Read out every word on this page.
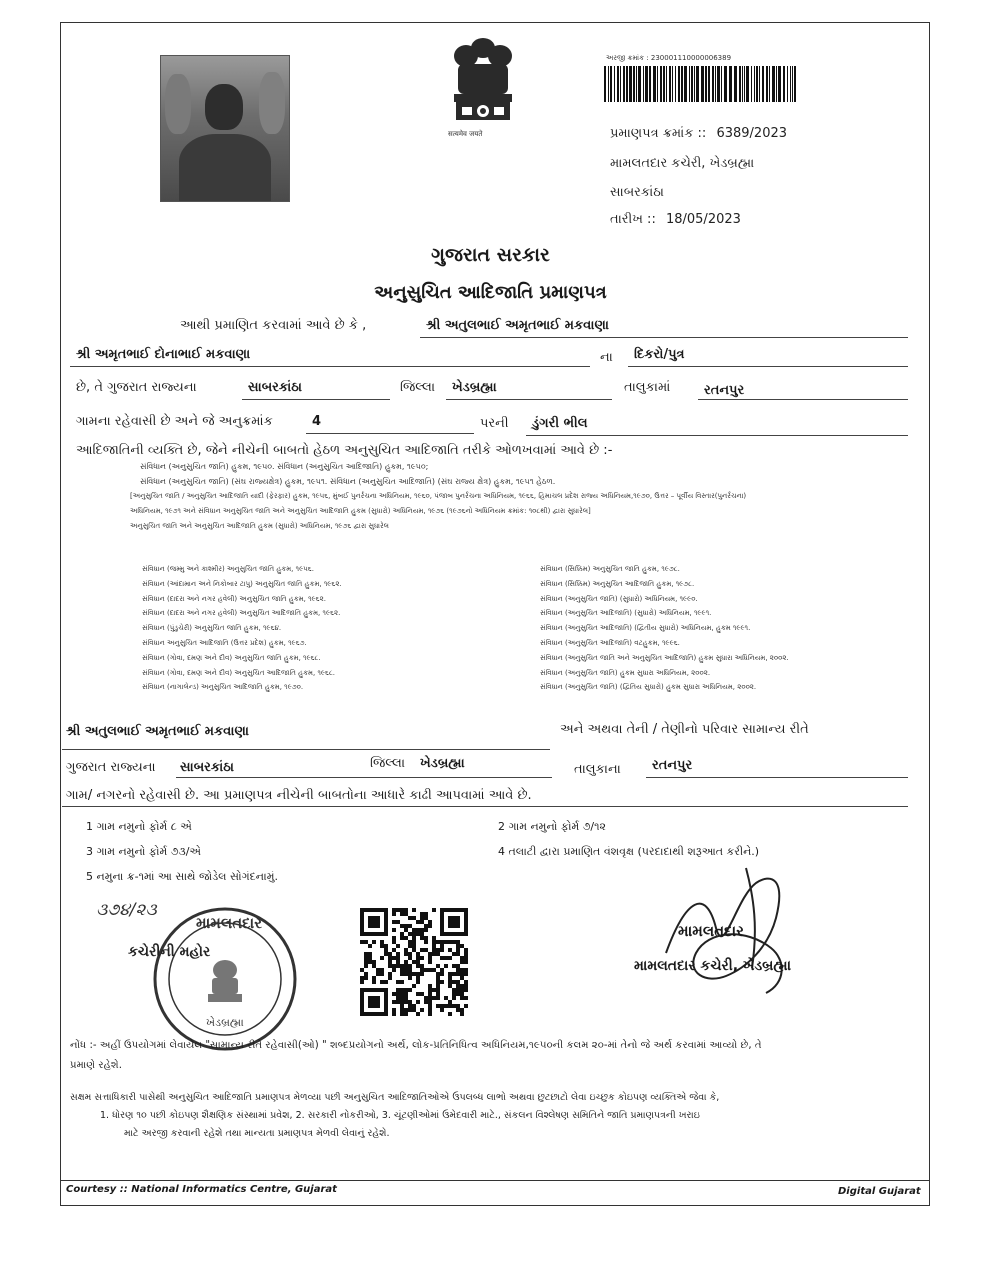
सत्यमेव जयते
અરજી ક્રમાંક : 230001110000006389
પ્રમાણપત્ર ક્રમાંક :: 6389/2023
મામલતદાર કચેરી, ખેડબ્રહ્મા
સાબરકાંઠા
તારીખ :: 18/05/2023
ગુજરાત સરકાર
અનુસુચિત આદિજાતિ પ્રમાણપત્ર
આથી પ્રમાણિત કરવામાં આવે છે કે ,	શ્રી અતુલભાઈ અમૃતભાઈ મકવાણા
શ્રી અમૃતભાઈ દોનાભાઈ મકવાણા	ના દિકરો/પુત્ર
છે, તે ગુજરાત રાજ્યના	સાબરકાંઠા	જિલ્લા ખેડબ્રહ્મા	તાલુકામાં	રતનપુર
ગામના રહેવાસી છે અને જે અનુક્રમાંક	4	પરની ડુંગરી ભીલ
આદિજાતિની વ્યક્તિ છે, જેને નીચેની બાબતો હેઠળ અનુસુચિત આદિજાતિ તરીકે ઓળખવામાં આવે છે :-
સંવિધાન (અનુસુચિત જાતિ) હુકમ, ૧૯૫૦. સંવિધાન (અનુસુચિત આદિજાતિ) હુકમ, ૧૯૫૦;
સંવિધાન (અનુસુચિત જાતિ) (સંઘ રાજ્યક્ષેત્ર) હુકમ, ૧૯૫૧. સંવિધાન (અનુસુચિત આદિજાતિ) (સંઘ રાજ્ય ક્ષેત્ર) હુકમ, ૧૯૫૧ હેઠળ.
[અનુસુચિત જાતિ / અનુસુચિત આદિજાતિ યાદી (ફેરફાર) હુકમ, ૧૯૫૬, મુંબઈ પુનર્રચના અધિનિયમ, ૧૯૬૦, પંજાબ પુનર્રચના અધિનિયમ, ૧૯૬૬, હિમાચલ પ્રદેશ રાજ્ય અધિનિયમ,૧૯૭૦, ઉત્તર – પૂર્વીય વિસ્તાર(પુનર્રચના)
અધિનિયમ, ૧૯૭૧ અને સંવિધાન અનુસુચિત જાતિ અને અનુસુચિત આદિજાતિ હુકમ (સુધારો) અધિનિયમ, ૧૯૭૬ (૧૯૭૬નો અધિનિયમ ક્રમાંક: ૧૦૮થી) દ્વારા સુધારેલ]
અનુસુચિત જાતિ અને અનુસુચિત આદિજાતિ હુકમ (સુધારો) અધિનિયમ, ૧૯૭૬ દ્વારા સુધારેલ
સંવિધાન (જમ્મુ અને કાશ્મીર) અનુસુચિત જાતિ હુકમ, ૧૯૫૬.
સંવિધાન (આંદામાન અને નિકોબાર ટાપુ) અનુસુચિત જાતિ હુકમ, ૧૯૬૨.
સંવિધાન (દાદરા અને નગર હવેલી) અનુસુચિત જાતિ હુકમ, ૧૯૬૨.
સંવિધાન (દાદરા અને નગર હવેલી) અનુસુચિત આદિજાતિ હુકમ, ૧૯૬૨.
સંવિધાન (પુંડુચેરી) અનુસુચિત જાતિ હુકમ, ૧૯૬૪.
સંવિધાન અનુસુચિત આદિજાતિ (ઉત્તર પ્રદેશ) હુકમ, ૧૯૬૭.
સંવિધાન (ગોવા, દમણ અને દીવ) અનુસુચિત જાતિ હુકમ, ૧૯૬૮.
સંવિધાન (ગોવા, દમણ અને દીવ) અનુસુચિત આદિજાતિ હુકમ, ૧૯૬૮.
સંવિધાન (નાગાલેન્ડ) અનુસુચિત આદિજાતિ હુકમ, ૧૯૭૦.
સંવિધાન (સિક્કિમ) અનુસુચિત જાતિ હુકમ, ૧૯૭૮.
સંવિધાન (સિક્કિમ) અનુસુચિત આદિજાતિ હુકમ, ૧૯૭૮.
સંવિધાન (અનુસુચિત જાતિ) (સુધારો) અધિનિયમ, ૧૯૯૦.
સંવિધાન (અનુસુચિત આદિજાતિ) (સુધારો) અધિનિયમ, ૧૯૯૧.
સંવિધાન (અનુસુચિત આદિજાતિ) (દ્વિતીય સુધારો) અધિનિયમ, હુકમ ૧૯૯૧.
સંવિધાન (અનુસુચિત આદિજાતિ) વટહુકમ, ૧૯૯૬.
સંવિધાન (અનુસુચિત જાતિ અને અનુસુચિત આદિજાતિ) હુકમ સુધારા અધિનિયમ, ૨૦૦૨.
સંવિધાન (અનુસુચિત જાતિ) હુકમ સુધારા અધિનિયમ, ૨૦૦૨.
સંવિધાન (અનુસુચિત જાતિ) (દ્વિતિય સુધારો) હુકમ સુધારા અધિનિયમ, ૨૦૦૨.
શ્રી અતુલભાઈ અમૃતભાઈ મકવાણા	અને અથવા તેની / તેણીનો પરિવાર સામાન્ય રીતે
ગુજરાત રાજ્યના સાબરકાંઠા	જિલ્લા ખેડબ્રહ્મા	તાલુકાના રતનપુર
ગામ/ નગરનો રહેવાસી છે. આ પ્રમાણપત્ર નીચેની બાબતોના આધારે કાઢી આપવામાં આવે છે.
1 ગામ નમુનો ફોર્મ ૮ એ	2 ગામ નમુનો ફોર્મ ૭/૧૨
3 ગામ નમુનો ફોર્મ ૭૩/એ	4 તલાટી દ્વારા પ્રમાણિત વંશવૃક્ષ (પરદાદાથી શરૂઆત કરીને.)
5 નમુના ક્ર-૧માં આ સાથે જોડેલ સોગંદનામું.
૩૭૪/૨૩
મામલતદાર
કચેરીની મહોર
ખેડબ્રહ્મા
મામલતદાર
મામલતદાર કચેરી, ખેડબ્રહ્મા
નોંધ :- અહીં ઉપયોગમાં લેવાયેલ "સામાન્ય રીતે રહેવાસી(ઓ) " શબ્દપ્રયોગનો અર્થ, લોક-પ્રતિનિધિત્વ અધિનિયમ,૧૯૫૦ની કલમ ૨૦-માં તેનો જે અર્થ કરવામાં આવ્યો છે, તે
પ્રમાણે રહેશે.
સક્ષમ સત્તાધિકારી પાસેથી અનુસુચિત આદિજાતિ પ્રમાણપત્ર મેળવ્યા પછી અનુસુચિત આદિજાતિઓએ ઉપલબ્ધ લાભો અથવા છુટછાટો લેવા ઇચ્છુક કોઇપણ વ્યક્તિએ જેવા કે,
1. ધોરણ ૧૦ પછી કોઇપણ શૈક્ષણિક સંસ્થામાં પ્રવેશ, 2. સરકારી નોકરીઓ, 3. ચૂંટણીઓમાં ઉમેદવારી માટે., સંકલન વિશ્લેષણ સમિતિને જાતિ પ્રમાણપત્રની ખરાઇ
માટે અરજી કરવાની રહેશે તથા માન્યતા પ્રમાણપત્ર મેળવી લેવાનું રહેશે.
Courtesy :: National Informatics Centre, Gujarat	Digital Gujarat
